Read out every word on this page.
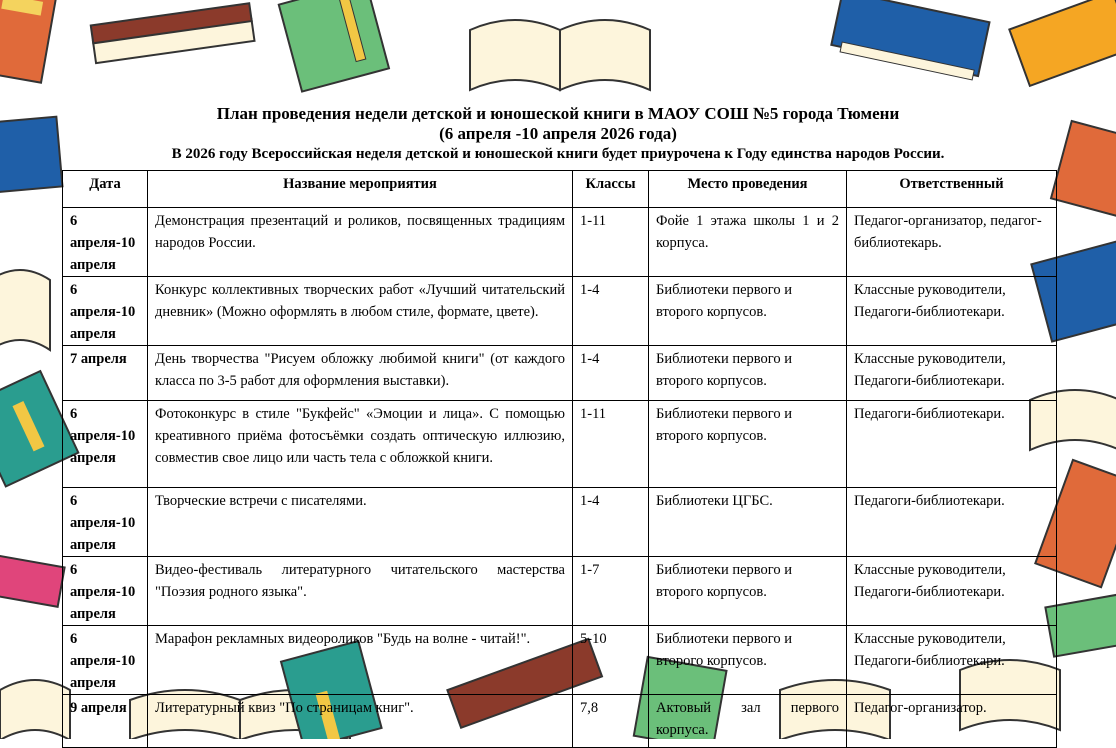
План проведения недели детской и юношеской книги в МАОУ СОШ №5 города Тюмени
(6 апреля -10 апреля 2026 года)
В 2026 году Всероссийская неделя детской и юношеской книги будет приурочена к Году единства народов России.
Дата	Название мероприятия	Классы	Место проведения	Ответственный

6 апреля-10 апреля	Демонстрация презентаций и роликов, посвященных традициям народов России.	1-11	Фойе 1 этажа школы 1 и 2 корпуса.	Педагог-организатор, педагог-библиотекарь.

6 апреля-10 апреля	Конкурс коллективных творческих работ «Лучший читательский дневник» (Можно оформлять в любом стиле, формате, цвете).	1-4	Библиотеки первого и второго корпусов.	Классные руководители, Педагоги-библиотекари.

7 апреля	День творчества "Рисуем обложку любимой книги" (от каждого класса по 3-5 работ для оформления выставки).	1-4	Библиотеки первого и второго корпусов.	Классные руководители, Педагоги-библиотекари.

6 апреля-10 апреля	Фотоконкурс в стиле "Букфейс" «Эмоции и лица». С помощью креативного приёма фотосъёмки создать оптическую иллюзию, совместив свое лицо или часть тела с обложкой книги.	1-11	Библиотеки первого и второго корпусов.	Педагоги-библиотекари.

6 апреля-10 апреля	Творческие встречи с писателями.	1-4	Библиотеки ЦГБС.	Педагоги-библиотекари.

6 апреля-10 апреля	Видео-фестиваль литературного читательского мастерства "Поэзия родного языка".	1-7	Библиотеки первого и второго корпусов.	Классные руководители, Педагоги-библиотекари.

6 апреля-10 апреля	Марафон рекламных видеороликов "Будь на волне - читай!".	5-10	Библиотеки первого и второго корпусов.	Классные руководители, Педагоги-библиотекари.

9 апреля	Литературный квиз "По страницам книг".	7,8	Актовый зал первого корпуса.	Педагог-организатор.
